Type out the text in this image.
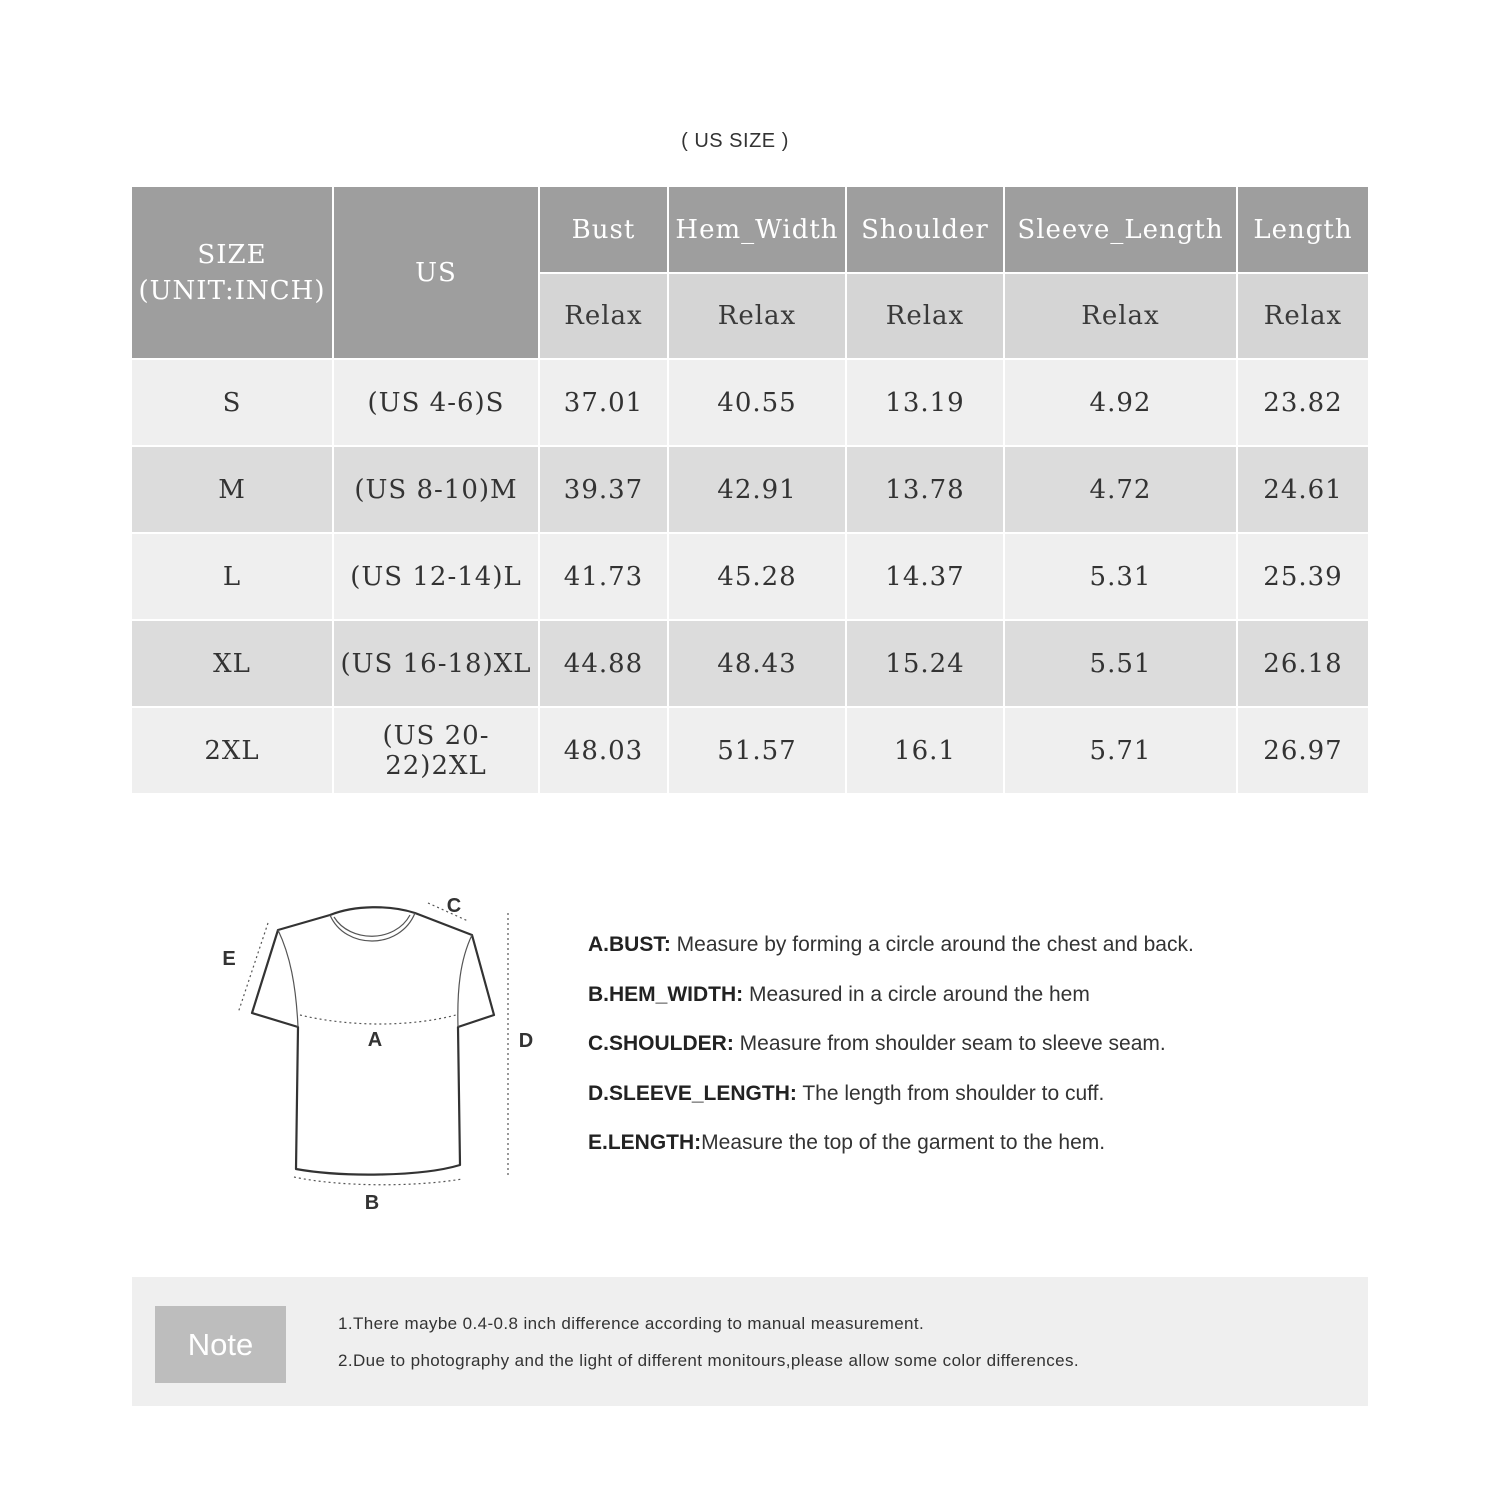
( US SIZE )
SIZE
(UNIT:INCH)	US	Bust	Hem_Width	Shoulder	Sleeve_Length	Length
		Relax	Relax	Relax	Relax	Relax
S	(US 4-6)S	37.01	40.55	13.19	4.92	23.82
M	(US 8-10)M	39.37	42.91	13.78	4.72	24.61
L	(US 12-14)L	41.73	45.28	14.37	5.31	25.39
XL	(US 16-18)XL	44.88	48.43	15.24	5.51	26.18
2XL	(US 20-22)2XL	48.03	51.57	16.1	5.71	26.97
A
B
C
D
E
A.BUST: Measure by forming a circle around the chest and back.
B.HEM_WIDTH: Measured in a circle around the hem
C.SHOULDER: Measure from shoulder seam to sleeve seam.
D.SLEEVE_LENGTH: The length from shoulder to cuff.
E.LENGTH:Measure the top of the garment to the hem.
Note
1.There maybe 0.4-0.8 inch difference according to manual measurement.
2.Due to photography and the light of different monitours,please allow some color differences.
